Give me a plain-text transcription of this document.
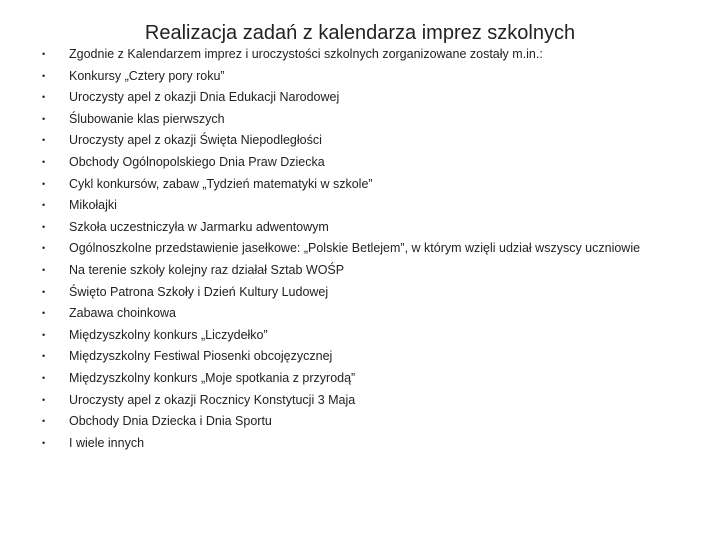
Realizacja zadań z kalendarza imprez szkolnych
•	Zgodnie z Kalendarzem imprez i uroczystości szkolnych zorganizowane zostały m.in.:
•	Konkursy „Cztery pory roku”
•	Uroczysty apel z okazji Dnia Edukacji Narodowej
•	Ślubowanie klas pierwszych
•	Uroczysty apel z okazji Święta Niepodległości
•	Obchody Ogólnopolskiego Dnia Praw Dziecka
•	Cykl konkursów, zabaw „Tydzień matematyki w szkole”
•	Mikołajki
•	Szkoła uczestniczyła w Jarmarku adwentowym
•	Ogólnoszkolne przedstawienie jasełkowe: „Polskie Betlejem”, w którym wzięli udział wszyscy uczniowie
•	Na terenie szkoły kolejny raz działał Sztab WOŚP
•	Święto Patrona Szkoły i Dzień Kultury Ludowej
•	Zabawa choinkowa
•	Międzyszkolny konkurs „Liczydełko”
•	Międzyszkolny Festiwal Piosenki obcojęzycznej
•	Międzyszkolny konkurs „Moje spotkania z przyrodą”
•	Uroczysty apel z okazji Rocznicy Konstytucji 3 Maja
•	Obchody Dnia Dziecka i Dnia Sportu
•	I wiele innych
